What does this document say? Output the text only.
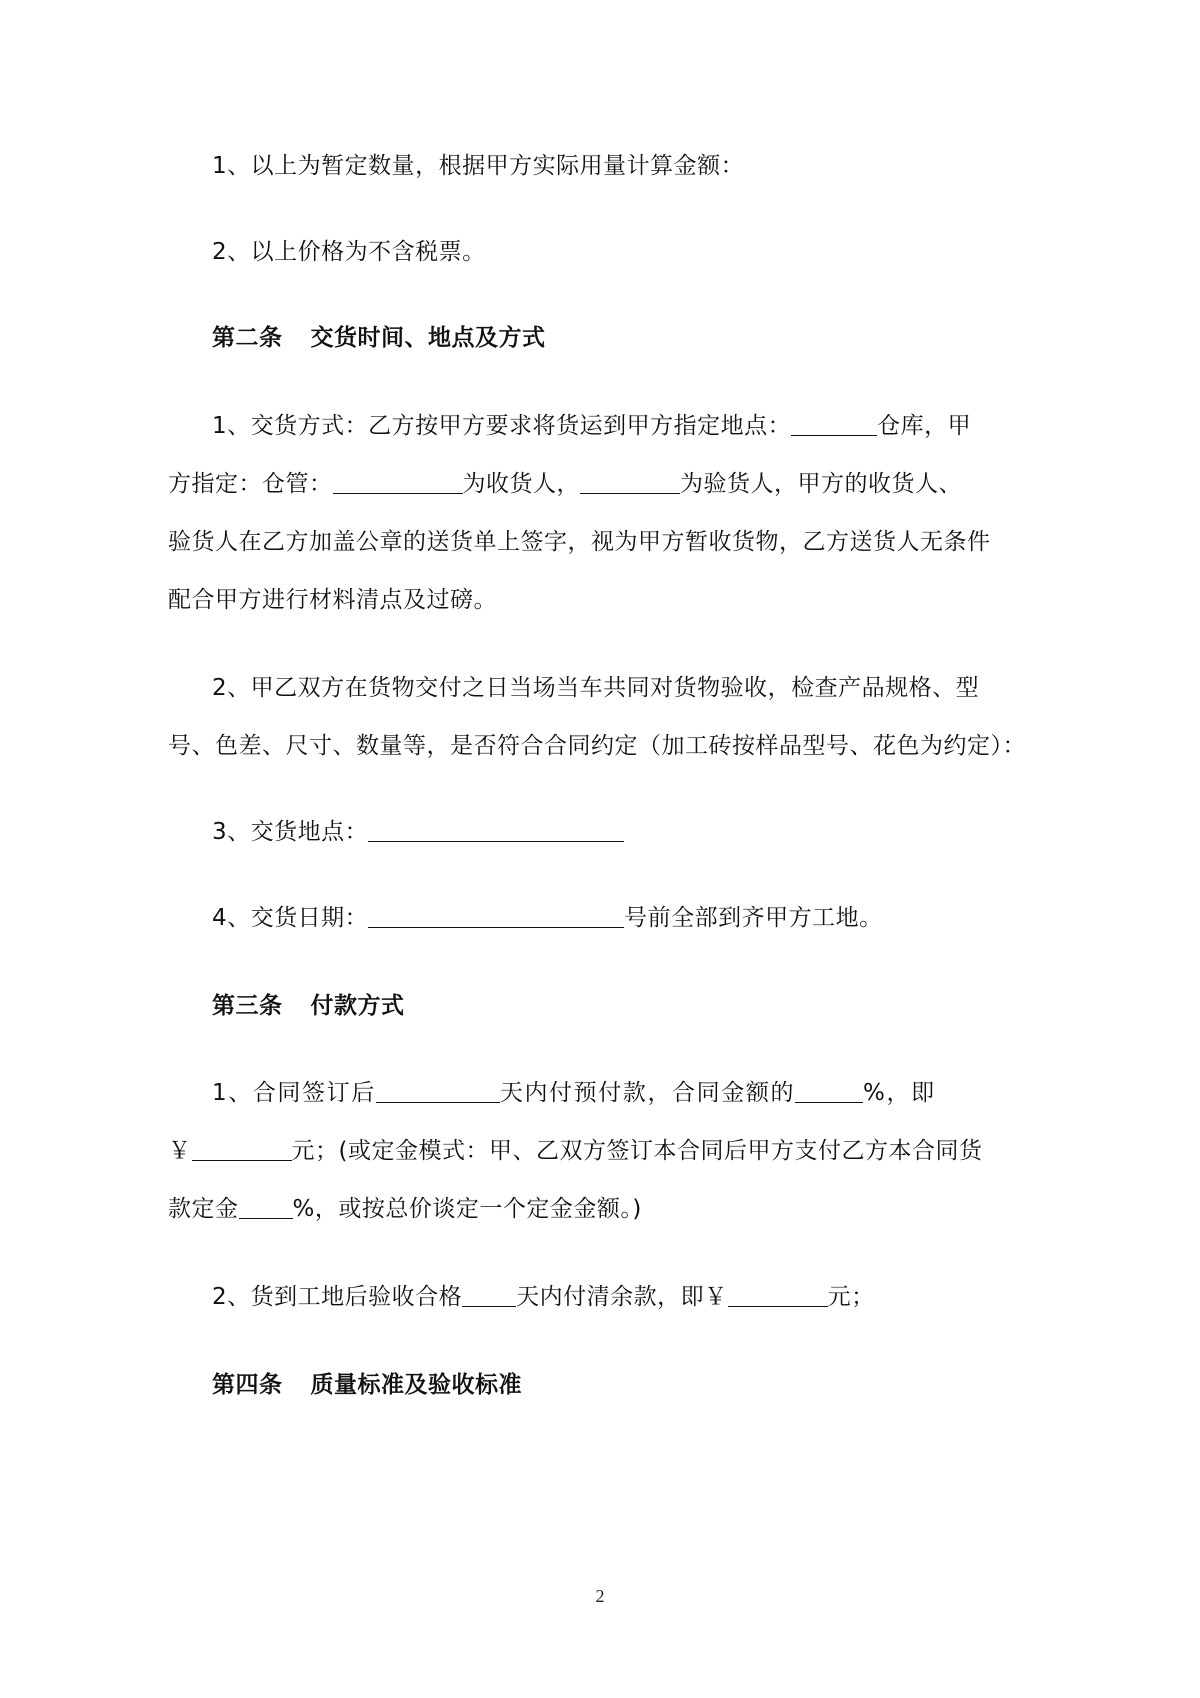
1、以上为暂定数量，根据甲方实际用量计算金额：
2、以上价格为不含税票。
第二条 交货时间、地点及方式
1、交货方式：乙方按甲方要求将货运到甲方指定地点：	仓库，甲
方指定：仓管：	为收货人，	为验货人，甲方的收货人、
验货人在乙方加盖公章的送货单上签字，视为甲方暂收货物，乙方送货人无条件
配合甲方进行材料清点及过磅。
2、甲乙双方在货物交付之日当场当车共同对货物验收，检查产品规格、型
号、色差、尺寸、数量等，是否符合合同约定（加工砖按样品型号、花色为约定）：
3、交货地点：
4、交货日期：	号前全部到齐甲方工地。
第三条 付款方式
1、合同签订后	天内付预付款，合同金额的	%，即
￥	元；(或定金模式：甲、乙双方签订本合同后甲方支付乙方本合同货
款定金 %，或按总价谈定一个定金金额。)
2、货到工地后验收合格 天内付清余款，即￥	元；
第四条 质量标准及验收标准
2
